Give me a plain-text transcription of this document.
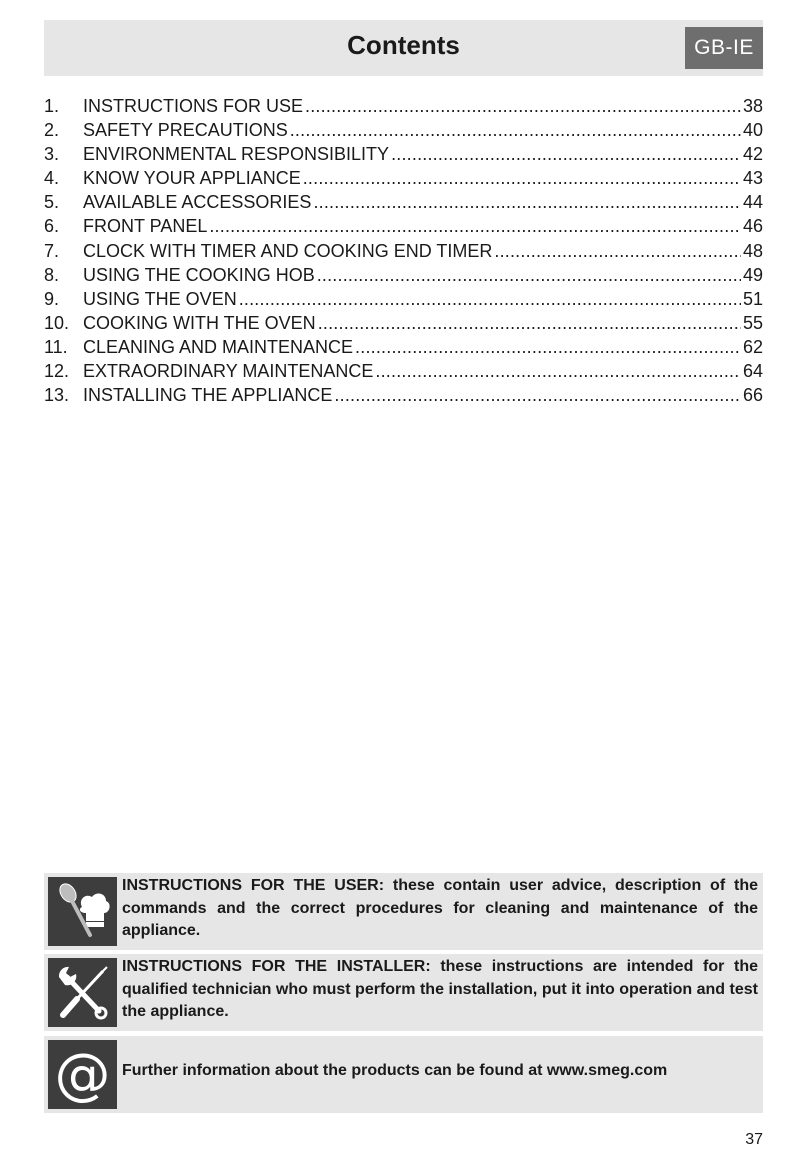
Contents	GB-IE
1.	INSTRUCTIONS FOR USE .....	38
2.	SAFETY PRECAUTIONS .....	40
3.	ENVIRONMENTAL RESPONSIBILITY .....	42
4.	KNOW YOUR APPLIANCE .....	43
5.	AVAILABLE ACCESSORIES .....	44
6.	FRONT PANEL .....	46
7.	CLOCK WITH TIMER AND COOKING END TIMER .....	48
8.	USING THE COOKING HOB .....	49
9.	USING THE OVEN .....	51
10. COOKING WITH THE OVEN .....	55
11. CLEANING AND MAINTENANCE .....	62
12. EXTRAORDINARY MAINTENANCE .....	64
13. INSTALLING THE APPLIANCE .....	66
INSTRUCTIONS FOR THE USER: these contain user advice, description of the commands and the correct procedures for cleaning and maintenance of the appliance.
INSTRUCTIONS FOR THE INSTALLER: these instructions are intended for the qualified technician who must perform the installation, put it into operation and test the appliance.
@ Further information about the products can be found at www.smeg.com
37
